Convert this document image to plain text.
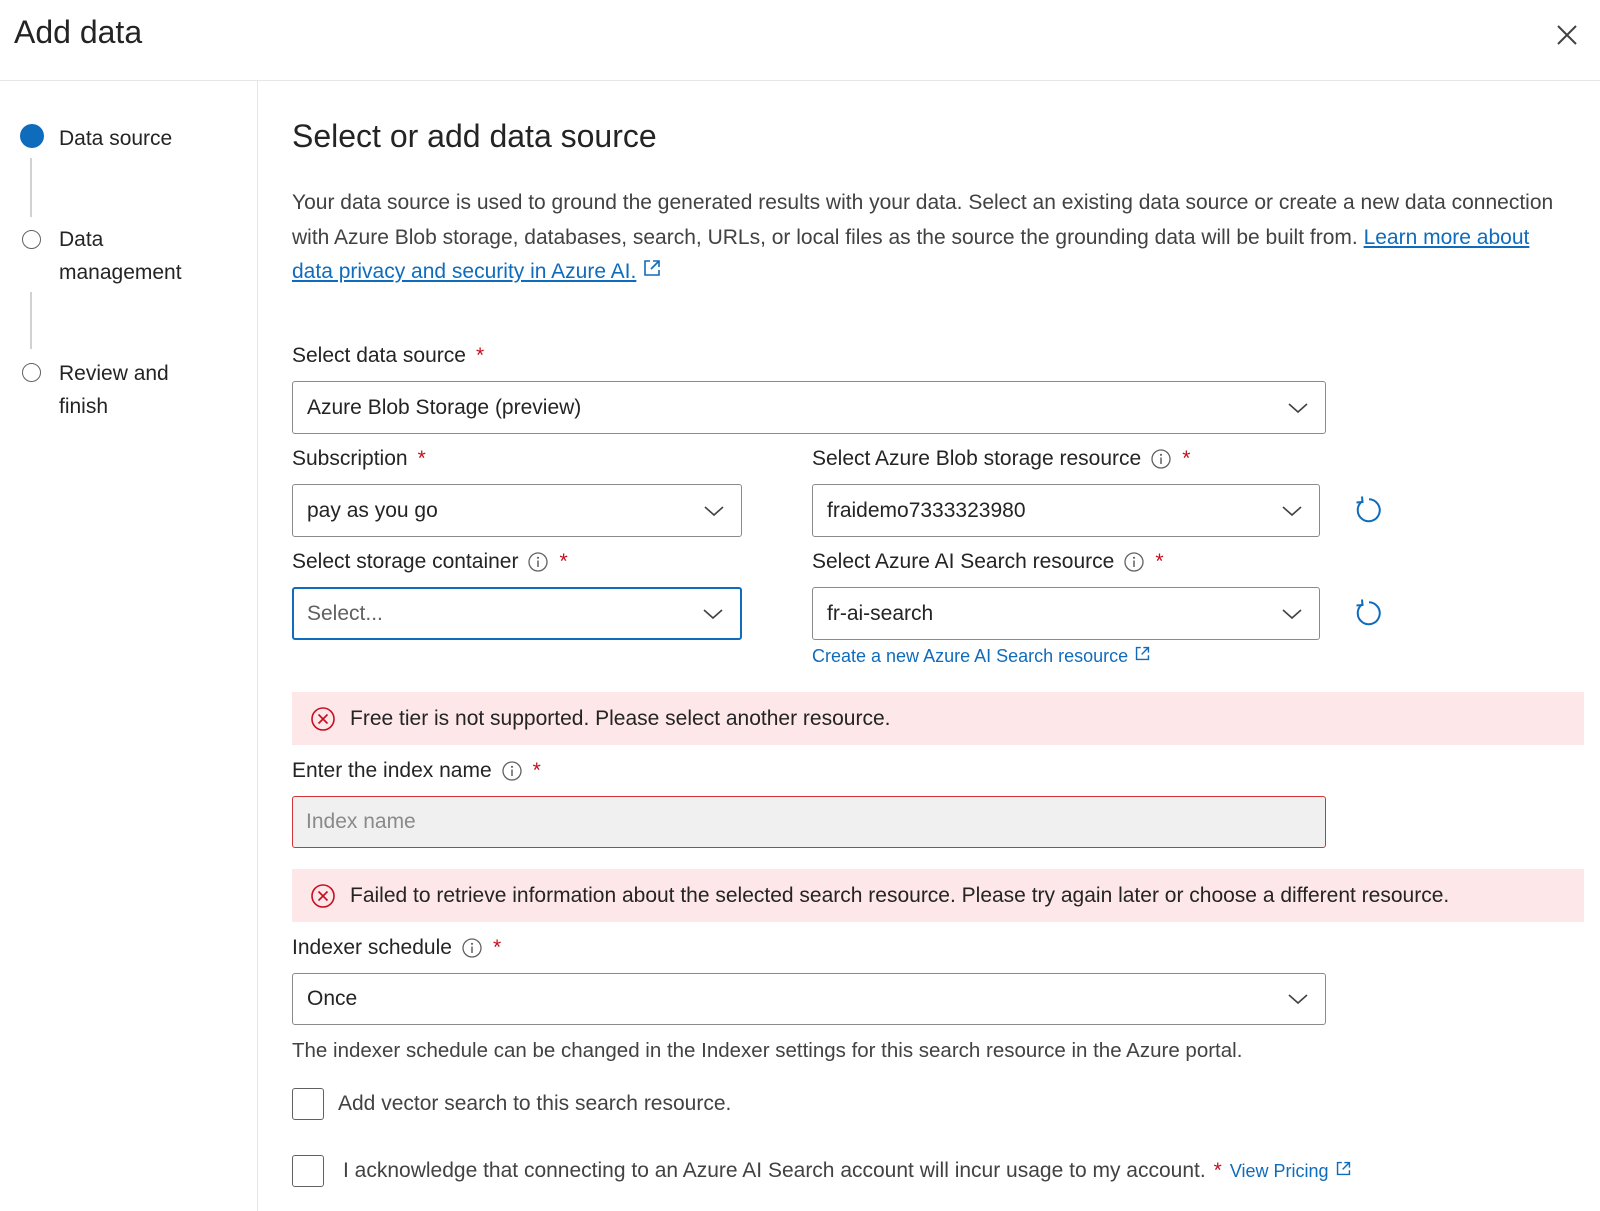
Add data
Data source
Data
management
Review and
finish
Select or add data source
Your data source is used to ground the generated results with your data. Select an existing data source or create a new data connection with Azure Blob storage, databases, search, URLs, or local files as the source the grounding data will be built from. Learn more about data privacy and security in Azure AI.
Select data source *
Azure Blob Storage (preview)
Subscription *
pay as you go
Select Azure Blob storage resource *
fraidemo7333323980
Select storage container *
Select...
Select Azure AI Search resource *
fr-ai-search
Create a new Azure AI Search resource
Free tier is not supported. Please select another resource.
Enter the index name *
Index name
Failed to retrieve information about the selected search resource. Please try again later or choose a different resource.
Indexer schedule *
Once
The indexer schedule can be changed in the Indexer settings for this search resource in the Azure portal.
Add vector search to this search resource.
I acknowledge that connecting to an Azure AI Search account will incur usage to my account. * View Pricing
